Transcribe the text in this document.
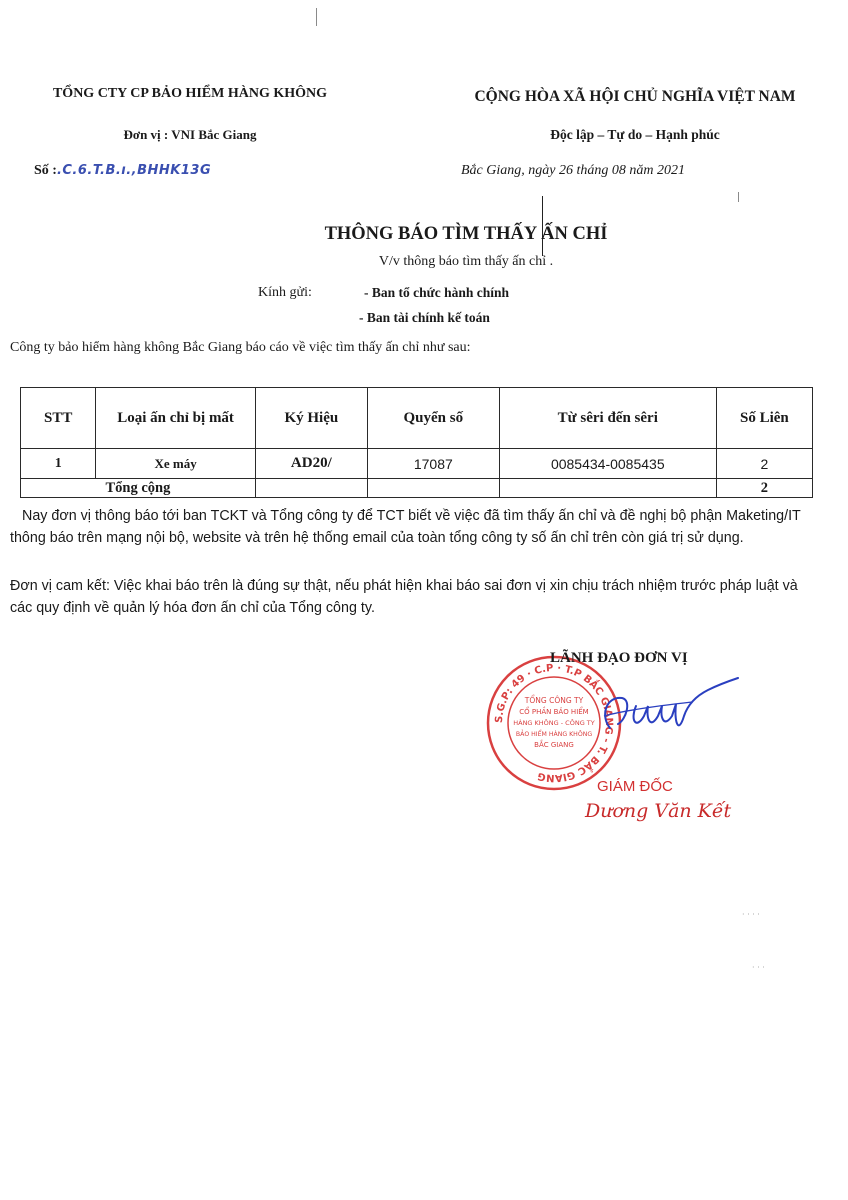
TỔNG CTY CP BẢO HIỂM HÀNG KHÔNG	CỘNG HÒA XÃ HỘI CHỦ NGHĨA VIỆT NAM
Đơn vị : VNI Bắc Giang	Độc lập – Tự do – Hạnh phúc
Số :.C.6.T.B.ı.‚BHHK13G	Bắc Giang, ngày 26 tháng 08 năm 2021
THÔNG BÁO TÌM THẤY ẤN CHỈ
V/v thông báo tìm thấy ấn chỉ .
Kính gửi:	- Ban tổ chức hành chính
- Ban tài chính kế toán
Công ty bảo hiểm hàng không Bắc Giang báo cáo về việc tìm thấy ấn chỉ như sau:
STT	Loại ấn chỉ bị mất	Ký Hiệu	Quyển số	Từ sêri đến sêri	Số Liên
1	Xe máy	AD20/	17087	0085434-0085435	2
Tổng cộng					2
Nay đơn vị thông báo tới ban TCKT và Tổng công ty để TCT biết về việc đã tìm thấy ấn chỉ và đề nghị bộ phận Maketing/IT thông báo trên mạng nội bộ, website và trên hệ thống email của toàn tổng công ty số ấn chỉ trên còn giá trị sử dụng.
Đơn vị cam kết: Việc khai báo trên là đúng sự thật, nếu phát hiện khai báo sai đơn vị xin chịu trách nhiệm trước pháp luật và các quy định về quản lý hóa đơn ấn chỉ của Tổng công ty.
S.G.P: 49 · C.P · T.P BẮC GIANG - T. BẮC GIANG
TỔNG CÔNG TY
CỔ PHẦN BẢO HIỂM
HÀNG KHÔNG - CÔNG TY
BẢO HIỂM HÀNG KHÔNG
BẮC GIANG
LÃNH ĐẠO ĐƠN VỊ
GIÁM ĐỐC
Dương Văn Kết
· · · ·
· · ·
